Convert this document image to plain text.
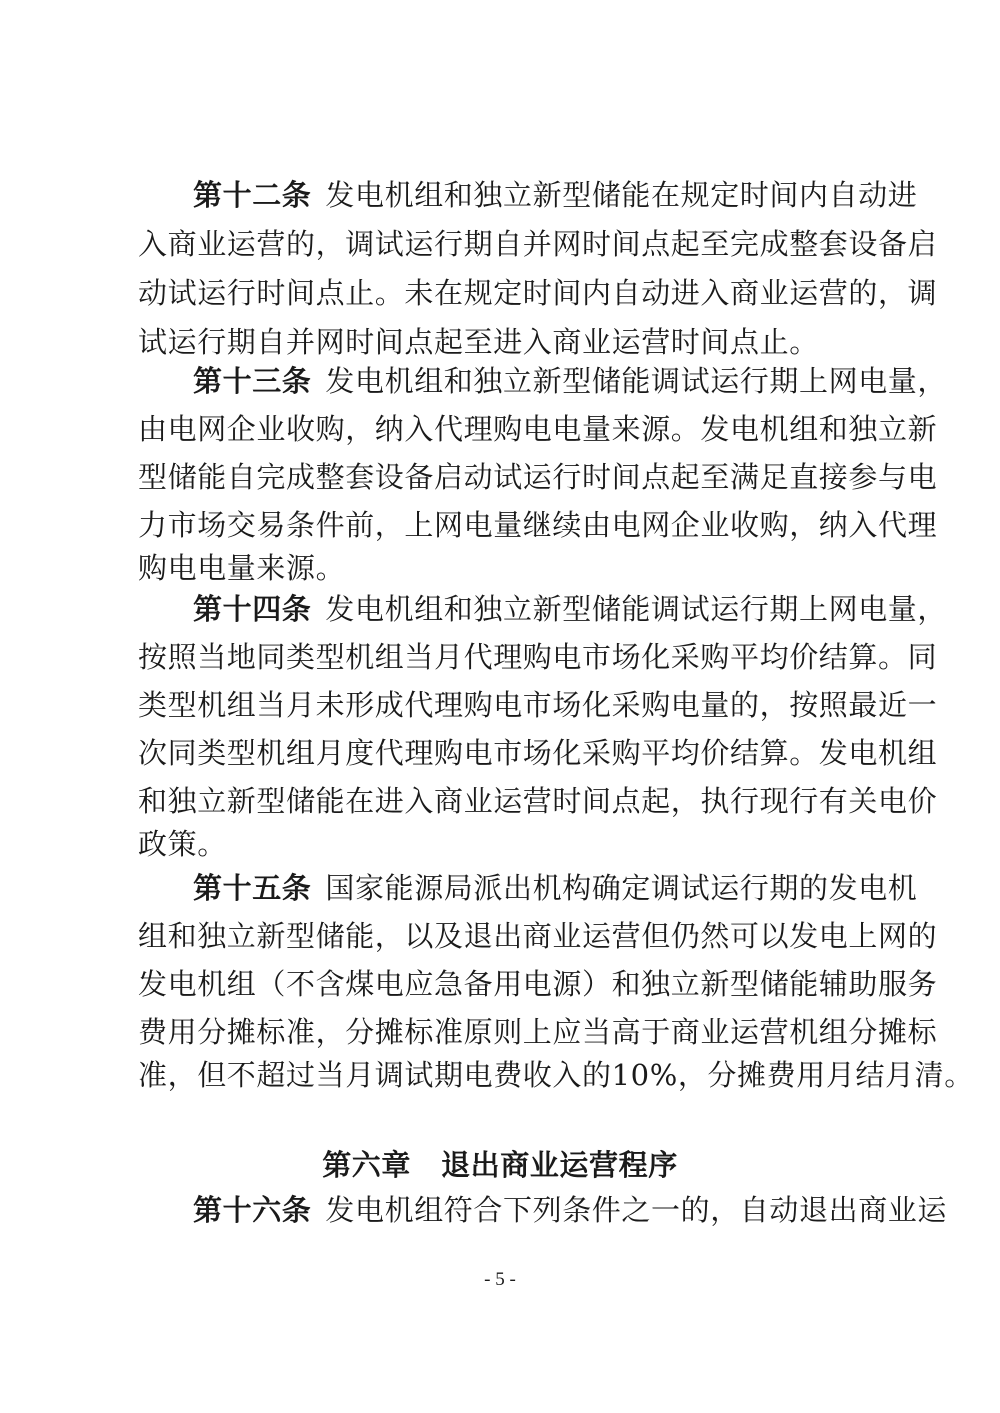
第十二条 发电机组和独立新型储能在规定时间内自动进
入商业运营的，调试运行期自并网时间点起至完成整套设备启
动试运行时间点止。未在规定时间内自动进入商业运营的，调
试运行期自并网时间点起至进入商业运营时间点止。
第十三条 发电机组和独立新型储能调试运行期上网电量，
由电网企业收购，纳入代理购电电量来源。发电机组和独立新
型储能自完成整套设备启动试运行时间点起至满足直接参与电
力市场交易条件前，上网电量继续由电网企业收购，纳入代理
购电电量来源。
第十四条 发电机组和独立新型储能调试运行期上网电量，
按照当地同类型机组当月代理购电市场化采购平均价结算。同
类型机组当月未形成代理购电市场化采购电量的，按照最近一
次同类型机组月度代理购电市场化采购平均价结算。发电机组
和独立新型储能在进入商业运营时间点起，执行现行有关电价
政策。
第十五条 国家能源局派出机构确定调试运行期的发电机
组和独立新型储能，以及退出商业运营但仍然可以发电上网的
发电机组（不含煤电应急备用电源）和独立新型储能辅助服务
费用分摊标准，分摊标准原则上应当高于商业运营机组分摊标
准，但不超过当月调试期电费收入的10%，分摊费用月结月清。
第六章 退出商业运营程序
第十六条 发电机组符合下列条件之一的，自动退出商业运
- 5 -
